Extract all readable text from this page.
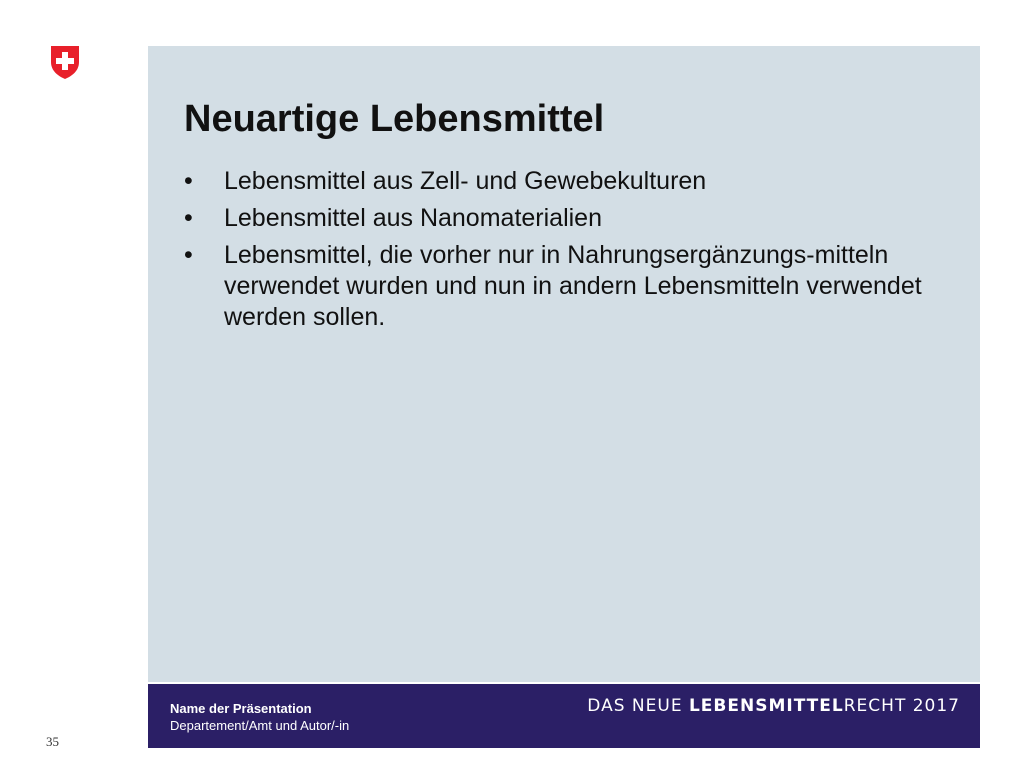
Neuartige Lebensmittel
•	Lebensmittel aus Zell- und Gewebekulturen
•	Lebensmittel aus Nanomaterialien
•	Lebensmittel, die vorher nur in Nahrungsergänzungs-mitteln verwendet wurden und nun in andern Lebensmitteln verwendet werden sollen.
Name der Präsentation
Departement/Amt und Autor/-in
DAS NEUE LEBENSMITTELRECHT 2017
35
